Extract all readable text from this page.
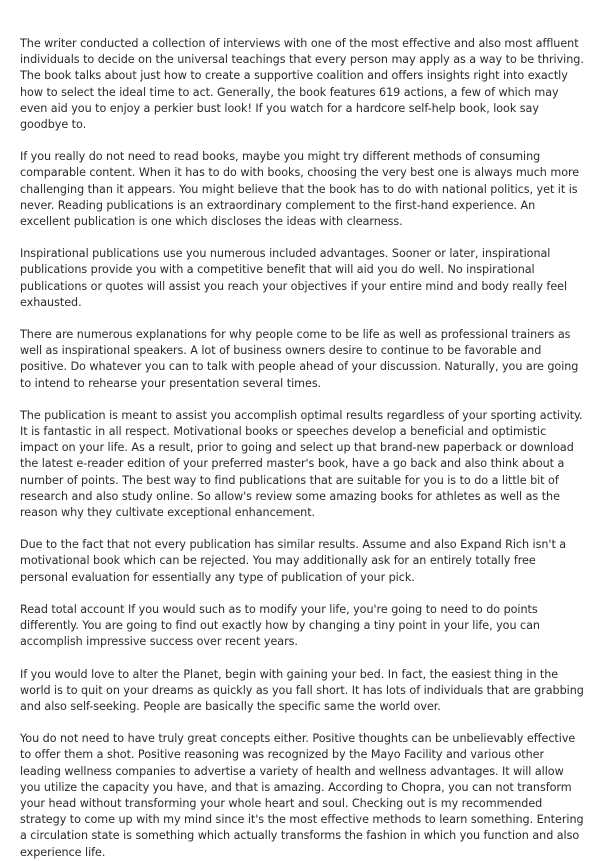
The writer conducted a collection of interviews with one of the most effective and also most affluent individuals to decide on the universal teachings that every person may apply as a way to be thriving. The book talks about just how to create a supportive coalition and offers insights right into exactly how to select the ideal time to act. Generally, the book features 619 actions, a few of which may even aid you to enjoy a perkier bust look! If you watch for a hardcore self-help book, look say goodbye to.

If you really do not need to read books, maybe you might try different methods of consuming comparable content. When it has to do with books, choosing the very best one is always much more challenging than it appears. You might believe that the book has to do with national politics, yet it is never. Reading publications is an extraordinary complement to the first-hand experience. An excellent publication is one which discloses the ideas with clearness.

Inspirational publications use you numerous included advantages. Sooner or later, inspirational publications provide you with a competitive benefit that will aid you do well. No inspirational publications or quotes will assist you reach your objectives if your entire mind and body really feel exhausted.

There are numerous explanations for why people come to be life as well as professional trainers as well as inspirational speakers. A lot of business owners desire to continue to be favorable and positive. Do whatever you can to talk with people ahead of your discussion. Naturally, you are going to intend to rehearse your presentation several times.

The publication is meant to assist you accomplish optimal results regardless of your sporting activity. It is fantastic in all respect. Motivational books or speeches develop a beneficial and optimistic impact on your life. As a result, prior to going and select up that brand-new paperback or download the latest e-reader edition of your preferred master's book, have a go back and also think about a number of points. The best way to find publications that are suitable for you is to do a little bit of research and also study online. So allow's review some amazing books for athletes as well as the reason why they cultivate exceptional enhancement.

Due to the fact that not every publication has similar results. Assume and also Expand Rich isn't a motivational book which can be rejected. You may additionally ask for an entirely totally free personal evaluation for essentially any type of publication of your pick.

Read total account If you would such as to modify your life, you're going to need to do points differently. You are going to find out exactly how by changing a tiny point in your life, you can accomplish impressive success over recent years.

If you would love to alter the Planet, begin with gaining your bed. In fact, the easiest thing in the world is to quit on your dreams as quickly as you fall short. It has lots of individuals that are grabbing and also self-seeking. People are basically the specific same the world over.

You do not need to have truly great concepts either. Positive thoughts can be unbelievably effective to offer them a shot. Positive reasoning was recognized by the Mayo Facility and various other leading wellness companies to advertise a variety of health and wellness advantages. It will allow you utilize the capacity you have, and that is amazing. According to Chopra, you can not transform your head without transforming your whole heart and soul. Checking out is my recommended strategy to come up with my mind since it's the most effective methods to learn something. Entering a circulation state is something which actually transforms the fashion in which you function and also experience life.
